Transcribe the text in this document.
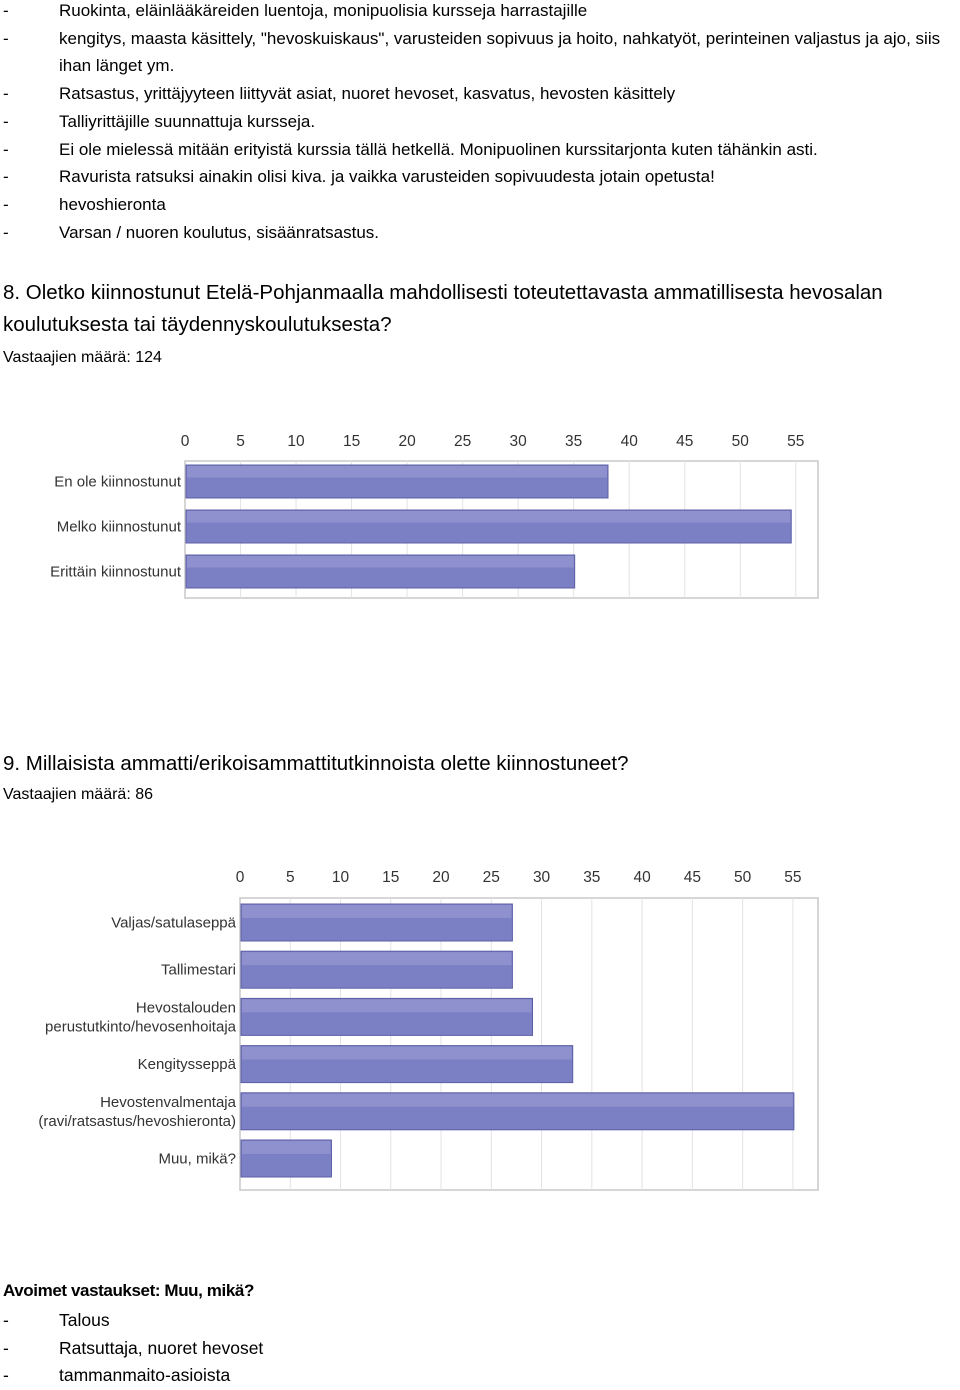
-	Ruokinta, eläinlääkäreiden luentoja, monipuolisia kursseja harrastajille
-	kengitys, maasta käsittely, "hevoskuiskaus", varusteiden sopivuus ja hoito, nahkatyöt, perinteinen valjastus ja ajo, siis ihan länget ym.
-	Ratsastus, yrittäjyyteen liittyvät asiat, nuoret hevoset, kasvatus, hevosten käsittely
-	Talliyrittäjille suunnattuja kursseja.
-	Ei ole mielessä mitään erityistä kurssia tällä hetkellä. Monipuolinen kurssitarjonta kuten tähänkin asti.
-	Ravurista ratsuksi ainakin olisi kiva. ja vaikka varusteiden sopivuudesta jotain opetusta!
-	hevoshieronta
-	Varsan / nuoren koulutus, sisäänratsastus.
8. Oletko kiinnostunut Etelä-Pohjanmaalla mahdollisesti toteutettavasta ammatillisesta hevosalan koulutuksesta tai täydennyskoulutuksesta?
Vastaajien määrä: 124
0	5	10 15 20 25 30 35 40 45 50 55
En ole kiinnostunut
Melko kiinnostunut
Erittäin kiinnostunut
9. Millaisista ammatti/erikoisammattitutkinnoista olette kiinnostuneet?
Vastaajien määrä: 86
0	5 10 15 20 25 30 35 40 45 50 55
Valjas/satulaseppä
Tallimestari
Hevostalouden
perustutkinto/hevosenhoitaja
Kengitysseppä
Hevostenvalmentaja
(ravi/ratsastus/hevoshieronta)
Muu, mikä?
Avoimet vastaukset: Muu, mikä?
-	Talous
-	Ratsuttaja, nuoret hevoset
-	tammanmaito-asioista
